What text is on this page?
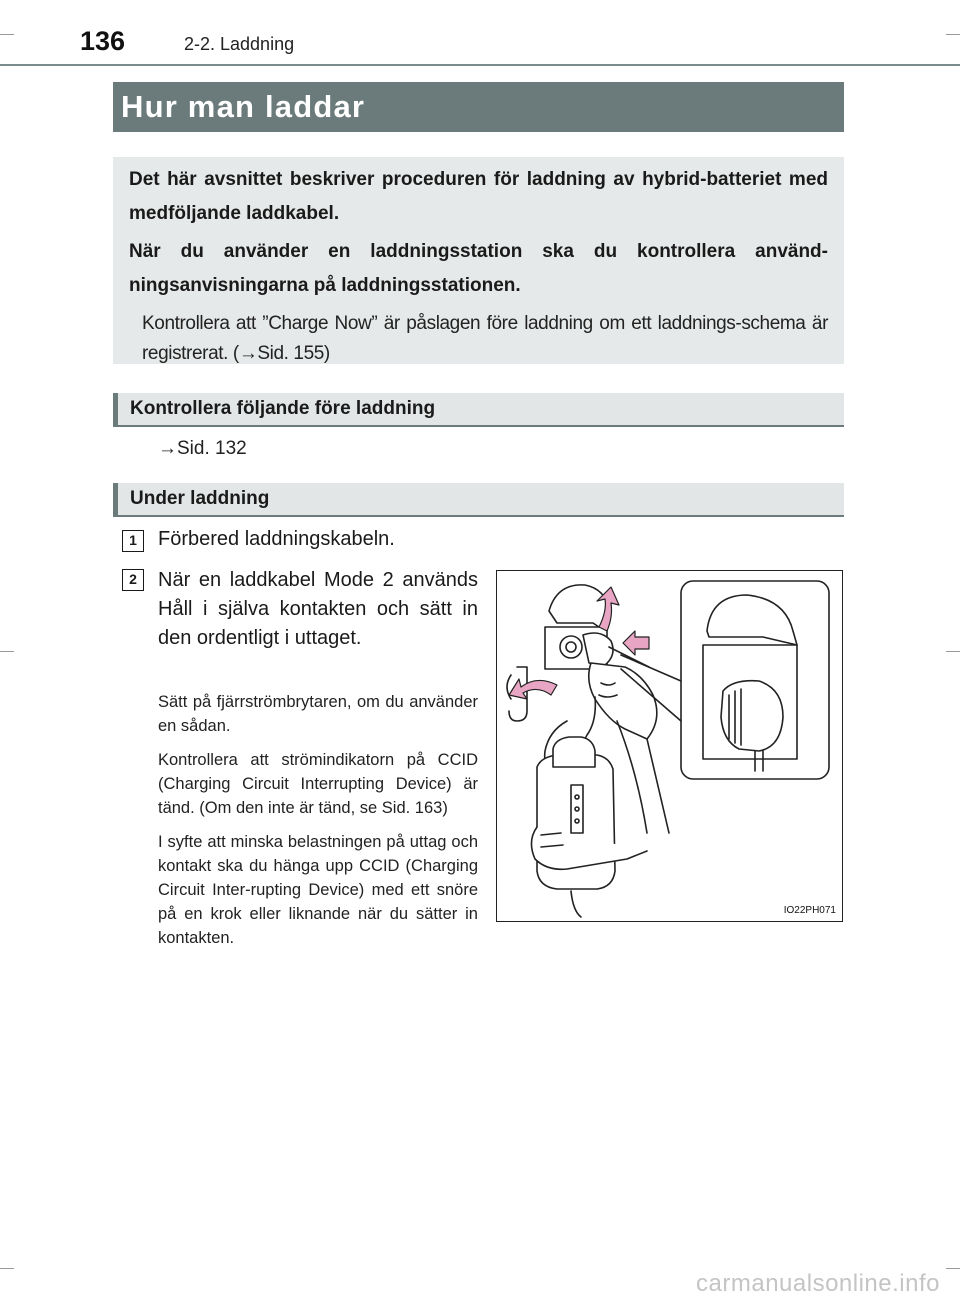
136	2-2. Laddning
Hur man laddar

Det här avsnittet beskriver proceduren för laddning av hybrid-batteriet med medföljande laddkabel.

När du använder en laddningsstation ska du kontrollera använd-ningsanvisningarna på laddningsstationen.

Kontrollera att ”Charge Now” är påslagen före laddning om ett laddnings-schema är registrerat. (→Sid. 155)

Kontrollera följande före laddning
→Sid. 132
Under laddning
1	Förbered laddningskabeln.
2	När en laddkabel Mode 2 används

Håll i själva kontakten och sätt in den ordentligt i uttaget.

Sätt på fjärrströmbrytaren, om du använder en sådan.

Kontrollera att strömindikatorn på CCID (Charging Circuit Interrupting Device) är tänd. (Om den inte är tänd, se Sid. 163)

I syfte att minska belastningen på uttag och kontakt ska du hänga upp CCID (Charging Circuit Inter-rupting Device) med ett snöre på en krok eller liknande när du sätter in kontakten.

IO22PH071
carmanualsonline.info
